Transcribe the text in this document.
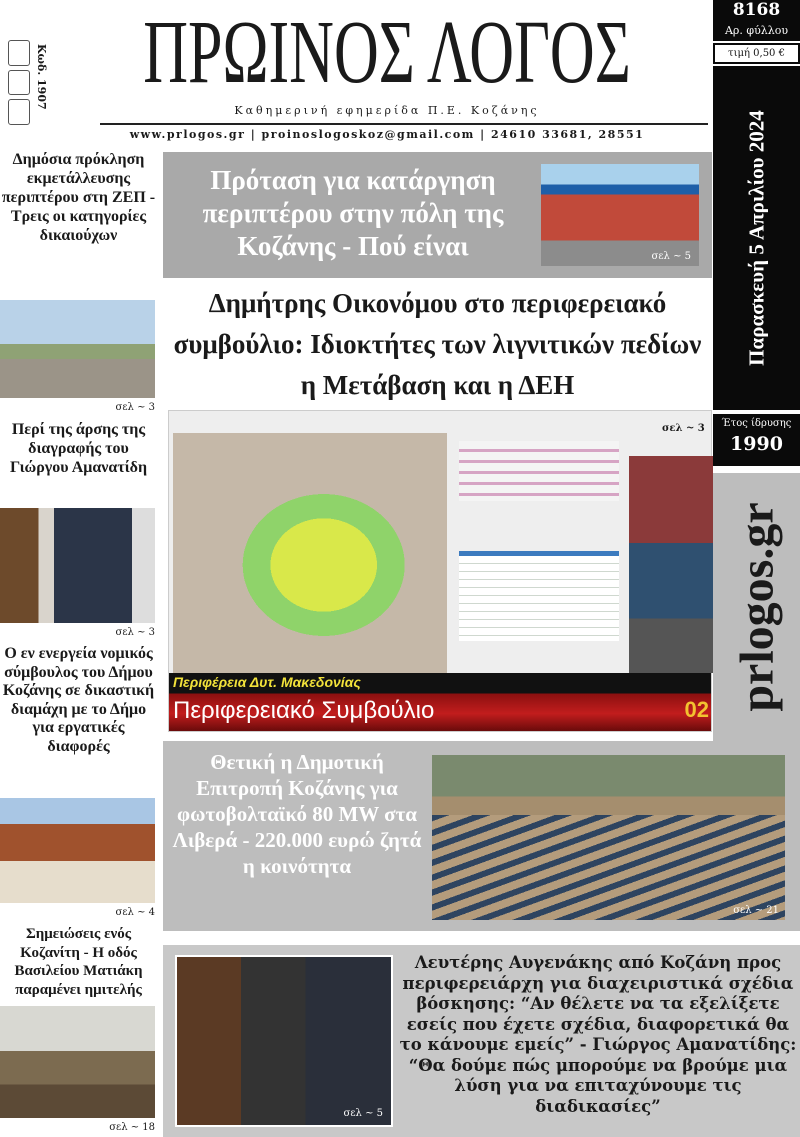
Κωδ. 1907	ΠΡΩΙΝΟΣ ΛΟΓΟΣ
Καθημερινή εφημερίδα Π.Ε. Κοζάνης
www.prlogos.gr | proinoslogoskoz@gmail.com | 24610 33681, 28551
8168
Αρ. φύλλου
τιμή 0,50 €
Παρασκευή 5 Απριλίου 2024
Έτος ίδρυσης
1990
prlogos.gr
Δημόσια πρόκληση εκμετάλλευσης περιπτέρου στη ΖΕΠ - Τρεις οι κατηγορίες δικαιούχων
σελ ~ 3
Περί της άρσης της διαγραφής του Γιώργου Αμανατίδη
σελ ~ 3
Ο εν ενεργεία νομικός σύμβουλος του Δήμου Κοζάνης σε δικαστική διαμάχη με το Δήμο για εργατικές διαφορές
σελ ~ 4
Σημειώσεις ενός Κοζανίτη - Η οδός Βασιλείου Ματιάκη παραμένει ημιτελής
σελ ~ 18
Πρόταση για κατάργηση περιπτέρου στην πόλη της Κοζάνης - Πού είναι	σελ ~ 5
Δημήτρης Οικονόμου στο περιφερειακό συμβούλιο: Ιδιοκτήτες των λιγνιτικών πεδίων η Μετάβαση και η ΔΕΗ
σελ ~ 3
Περιφέρεια Δυτ. Μακεδονίας
Περιφερειακό Συμβούλιο	02
Θετική η Δημοτική Επιτροπή Κοζάνης για φωτοβολταϊκό 80 MW στα Λιβερά - 220.000 ευρώ ζητά η κοινότητα
σελ ~ 21
σελ ~ 5
Λευτέρης Αυγενάκης από Κοζάνη προς περιφερειάρχη για διαχειριστικά σχέδια βόσκησης: “Αν θέλετε να τα εξελίξετε εσείς που έχετε σχέδια, διαφορετικά θα το κάνουμε εμείς” - Γιώργος Αμανατίδης: “Θα δούμε πώς μπορούμε να βρούμε μια λύση για να επιταχύνουμε τις διαδικασίες”
